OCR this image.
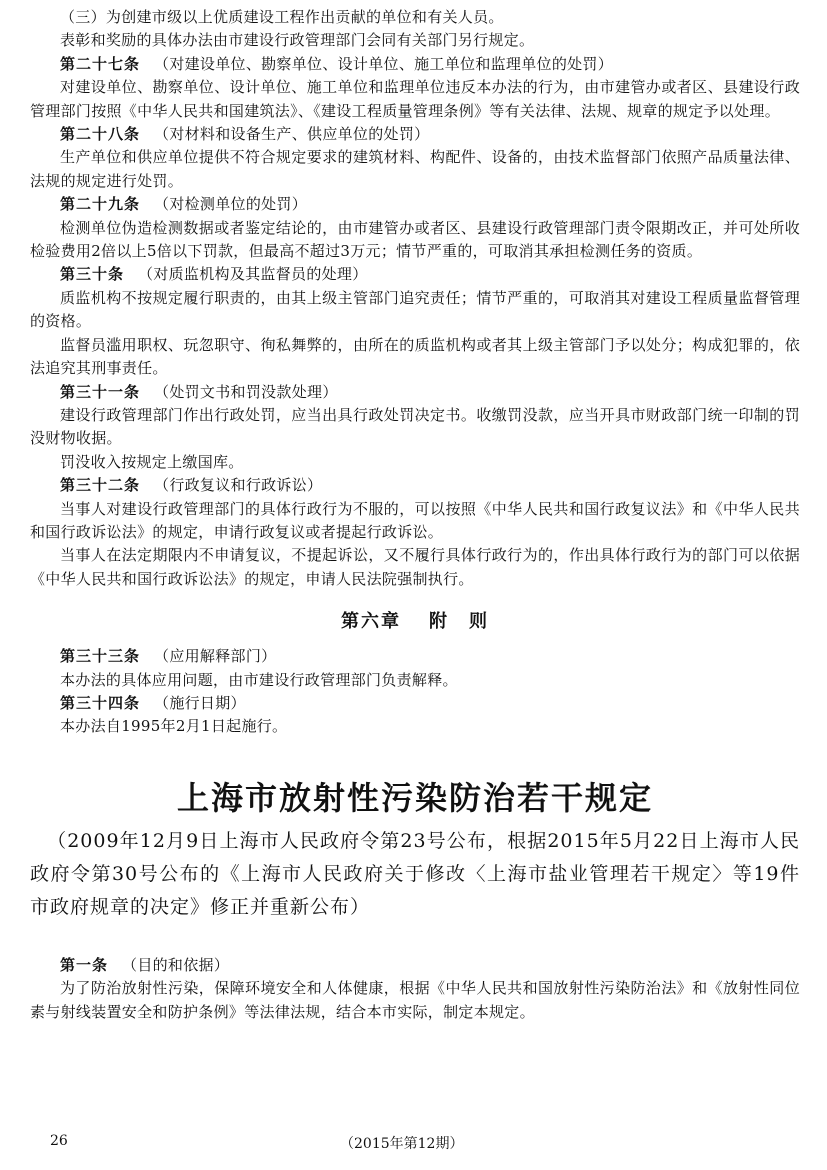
（三）为创建市级以上优质建设工程作出贡献的单位和有关人员。

表彰和奖励的具体办法由市建设行政管理部门会同有关部门另行规定。

第二十七条 （对建设单位、勘察单位、设计单位、施工单位和监理单位的处罚）

对建设单位、勘察单位、设计单位、施工单位和监理单位违反本办法的行为，由市建管办或者区、县建设行政管理部门按照《中华人民共和国建筑法》、《建设工程质量管理条例》等有关法律、法规、规章的规定予以处理。

第二十八条 （对材料和设备生产、供应单位的处罚）

生产单位和供应单位提供不符合规定要求的建筑材料、构配件、设备的，由技术监督部门依照产品质量法律、法规的规定进行处罚。

第二十九条 （对检测单位的处罚）

检测单位伪造检测数据或者鉴定结论的，由市建管办或者区、县建设行政管理部门责令限期改正，并可处所收检验费用2倍以上5倍以下罚款，但最高不超过3万元；情节严重的，可取消其承担检测任务的资质。

第三十条 （对质监机构及其监督员的处理）

质监机构不按规定履行职责的，由其上级主管部门追究责任；情节严重的，可取消其对建设工程质量监督管理的资格。

监督员滥用职权、玩忽职守、徇私舞弊的，由所在的质监机构或者其上级主管部门予以处分；构成犯罪的，依法追究其刑事责任。

第三十一条 （处罚文书和罚没款处理）

建设行政管理部门作出行政处罚，应当出具行政处罚决定书。收缴罚没款，应当开具市财政部门统一印制的罚没财物收据。

罚没收入按规定上缴国库。

第三十二条 （行政复议和行政诉讼）

当事人对建设行政管理部门的具体行政行为不服的，可以按照《中华人民共和国行政复议法》和《中华人民共和国行政诉讼法》的规定，申请行政复议或者提起行政诉讼。

当事人在法定期限内不申请复议，不提起诉讼，又不履行具体行政行为的，作出具体行政行为的部门可以依据《中华人民共和国行政诉讼法》的规定，申请人民法院强制执行。

第六章 附　则

第三十三条 （应用解释部门）

本办法的具体应用问题，由市建设行政管理部门负责解释。

第三十四条 （施行日期）

本办法自1995年2月1日起施行。

上海市放射性污染防治若干规定

（2009年12月9日上海市人民政府令第23号公布，根据2015年5月22日上海市人民政府令第30号公布的《上海市人民政府关于修改〈上海市盐业管理若干规定〉等19件市政府规章的决定》修正并重新公布）

第一条 （目的和依据）

为了防治放射性污染，保障环境安全和人体健康，根据《中华人民共和国放射性污染防治法》和《放射性同位素与射线装置安全和防护条例》等法律法规，结合本市实际，制定本规定。

26	（2015年第12期）
